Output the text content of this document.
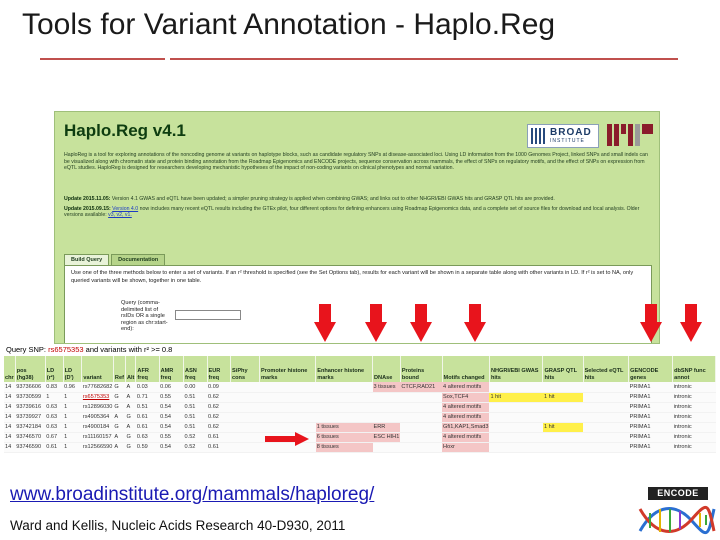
Tools for Variant Annotation - Haplo.Reg
Haplo.Reg v4.1	BROAD
INSTITUTE
HaploReg is a tool for exploring annotations of the noncoding genome at variants on haplotype blocks, such as candidate regulatory SNPs at disease-associated loci. Using LD information from the 1000 Genomes Project, linked SNPs and small indels can be visualized along with chromatin state and protein binding annotation from the Roadmap Epigenomics and ENCODE projects, sequence conservation across mammals, the effect of SNPs on regulatory motifs, and the effect of SNPs on expression from eQTL studies. HaploReg is designed for researchers developing mechanistic hypotheses of the impact of non-coding variants on clinical phenotypes and normal variation.
Update 2015.11.05: Version 4.1 GWAS and eQTL have been updated; a simpler pruning strategy is applied when combining GWAS; and links out to other NHGRI/EBI GWAS hits and GRASP QTL hits are provided.
Update 2015.09.15: Version 4.0 now includes many recent eQTL results including the GTEx pilot, four different options for defining enhancers using Roadmap Epigenomics data, and a complete set of source files for download and local analysis. Older versions available: v3, v2, v1.
Build Query	Documentation
Use one of the three methods below to enter a set of variants. If an r² threshold is specified (see the Set Options tab), results for each variant will be shown in a separate table along with other variants in LD. If r² is set to NA, only queried variants will be shown, together in one table.
Query (comma-delimited list of rsIDs OR a single region as chr:start-end):
Query SNP: rs6575353 and variants with r² >= 0.8
chr	pos (hg38)	LD (r²)	LD (D')	variant	Ref	Alt	AFR freq	AMR freq	ASN freq	EUR freq	SiPhy cons	Promoter histone marks	Enhancer histone marks	DNAse	Proteins bound	Motifs changed	NHGRI/EBI GWAS hits	GRASP QTL hits	Selected eQTL hits	GENCODE genes	dbSNP func annot
14	93736606	0.83	0.96	rs77682682	G	A	0.03	0.06	0.00	0.09				3 tissues	CTCF,RAD21	4 altered motifs				PRIMA1	intronic
14	93730599	1	1	rs6575353	G	A	0.71	0.55	0.51	0.62						Sox,TCF4	1 hit	1 hit		PRIMA1	intronic
14	93739616	0.63	1	rs12896030	G	A	0.51	0.54	0.51	0.62						4 altered motifs				PRIMA1	intronic
14	93739927	0.63	1	rs4905364	A	G	0.61	0.54	0.51	0.62						4 altered motifs				PRIMA1	intronic
14	93742184	0.63	1	rs4900184	G	A	0.61	0.54	0.51	0.62			1 tissues	ERR		Gfi1,KAP1,Smad3		1 hit		PRIMA1	intronic
14	93746570	0.67	1	rs11160157	A	G	0.63	0.55	0.52	0.61			6 tissues	ESC HIH1		4 altered motifs				PRIMA1	intronic
14	93746590	0.61	1	rs12566590	A	G	0.59	0.54	0.52	0.61			8 tissues			Hoxr				PRIMA1	intronic
www.broadinstitute.org/mammals/haploreg/
Ward and Kellis, Nucleic Acids Research 40-D930, 2011
ENCODE
